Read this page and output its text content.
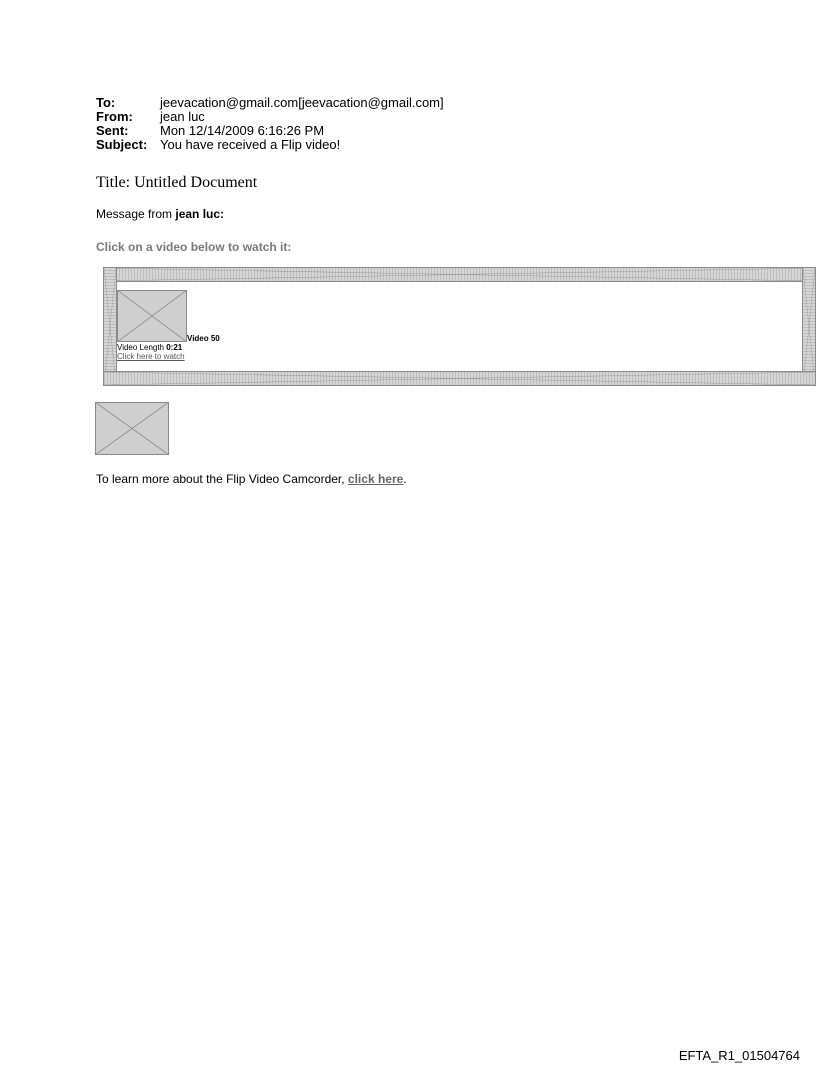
To:	jeevacation@gmail.com[jeevacation@gmail.com]
From:	jean luc
Sent:	Mon 12/14/2009 6:16:26 PM
Subject: You have received a Flip video!
Title: Untitled Document
Message from jean luc:
Click on a video below to watch it:
Video 50
Video Length 0:21
Click here to watch
To learn more about the Flip Video Camcorder, click here.
EFTA_R1_01504764
